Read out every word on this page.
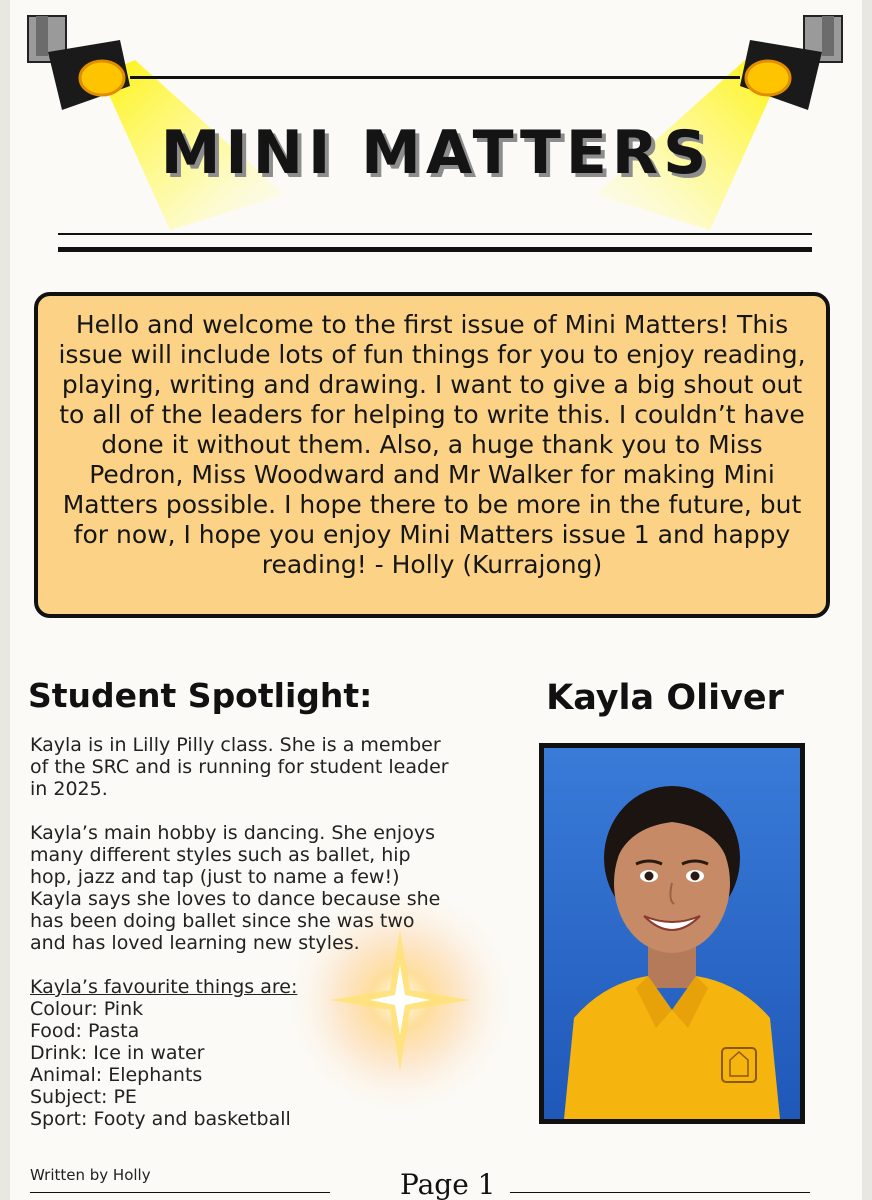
MINI MATTERS
Hello and welcome to the first issue of Mini Matters! This issue will include lots of fun things for you to enjoy reading, playing, writing and drawing. I want to give a big shout out to all of the leaders for helping to write this. I couldn’t have done it without them. Also, a huge thank you to Miss Pedron, Miss Woodward and Mr Walker for making Mini Matters possible. I hope there to be more in the future, but for now, I hope you enjoy Mini Matters issue 1 and happy reading! - Holly (Kurrajong)
Student Spotlight:	Kayla Oliver

Kayla is in Lilly Pilly class. She is a member of the SRC and is running for student leader in 2025.

Kayla’s main hobby is dancing. She enjoys many different styles such as ballet, hip hop, jazz and tap (just to name a few!) Kayla says she loves to dance because she has been doing ballet since she was two and has loved learning new styles.

Kayla’s favourite things are:
Colour: Pink
Food: Pasta
Drink: Ice in water
Animal: Elephants
Subject: PE
Sport: Footy and basketball
Written by Holly	Page 1
